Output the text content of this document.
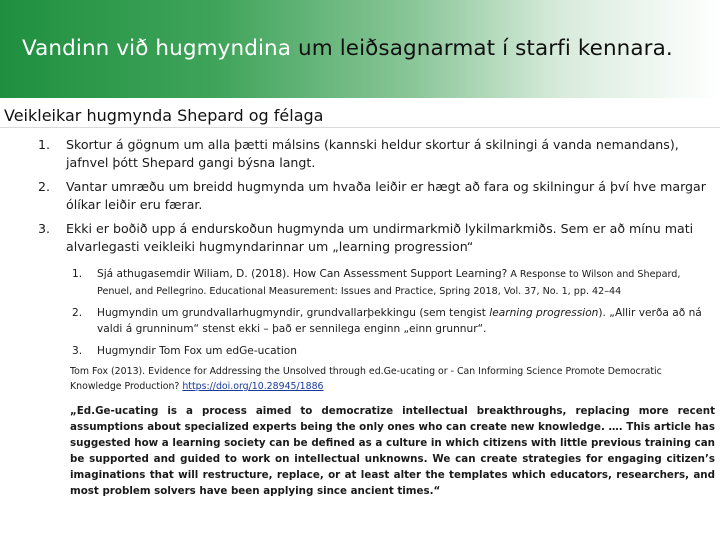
Vandinn við hugmyndina um leiðsagnarmat í starfi kennara.
Veikleikar hugmynda Shepard og félaga
1. Skortur á gögnum um alla þætti málsins (kannski heldur skortur á skilningi á vanda nemandans), jafnvel þótt Shepard gangi býsna langt.
2. Vantar umræðu um breidd hugmynda um hvaða leiðir er hægt að fara og skilningur á því hve margar ólíkar leiðir eru færar.
3. Ekki er boðið upp á endurskoðun hugmynda um undirmarkmið lykilmarkmiðs. Sem er að mínu mati alvarlegasti veikleiki hugmyndarinnar um „learning progression“
1. Sjá athugasemdir Wiliam, D. (2018). How Can Assessment Support Learning? A Response to Wilson and Shepard, Penuel, and Pellegrino. Educational Measurement: Issues and Practice, Spring 2018, Vol. 37, No. 1, pp. 42–44
2. Hugmyndin um grundvallarhugmyndir, grundvallarþekkingu (sem tengist learning progression). „Allir verða að ná valdi á grunninum“ stenst ekki – það er sennilega enginn „einn grunnur“.
3. Hugmyndir Tom Fox um edGe-ucation
Tom Fox (2013). Evidence for Addressing the Unsolved through ed.Ge-ucating or - Can Informing Science Promote Democratic Knowledge Production? https://doi.org/10.28945/1886
„Ed.Ge-ucating is a process aimed to democratize intellectual breakthroughs, replacing more recent assumptions about specialized experts being the only ones who can create new knowledge. …. This article has suggested how a learning society can be defined as a culture in which citizens with little previous training can be supported and guided to work on intellectual unknowns. We can create strategies for engaging citizen’s imaginations that will restructure, replace, or at least alter the templates which educators, researchers, and most problem solvers have been applying since ancient times.“
